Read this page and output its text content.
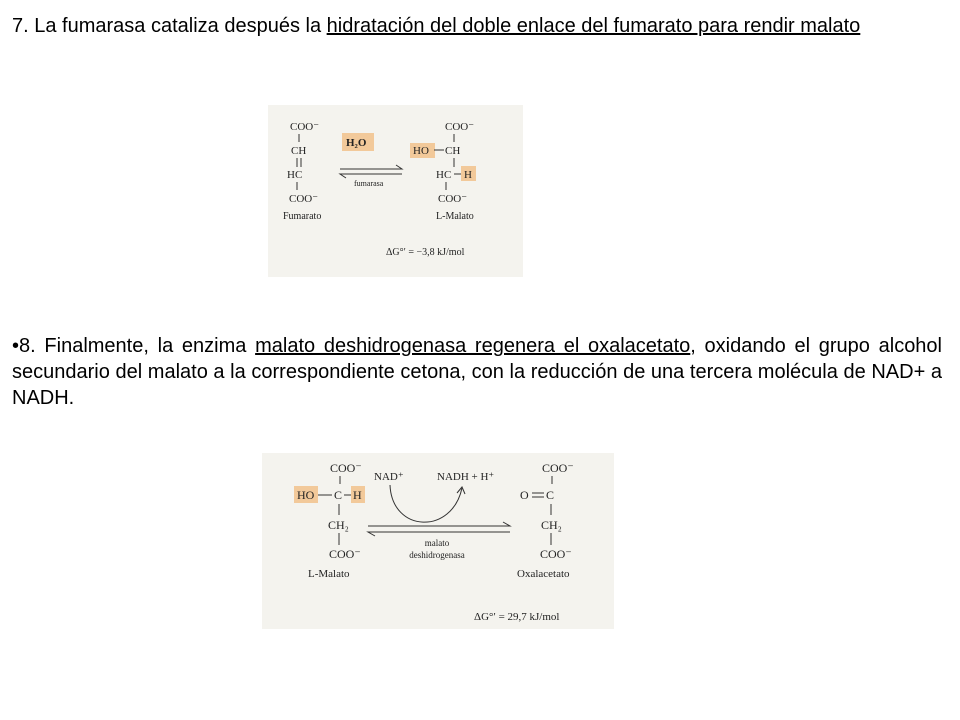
7. La fumarasa cataliza después la hidratación del doble enlace del fumarato para rendir malato
COO⁻
CH
HC
COO⁻
Fumarato
H₂O
fumarasa
COO⁻
HO CH
HC H
COO⁻
L-Malato
ΔG°′ = −3,8 kJ/mol
•8. Finalmente, la enzima malato deshidrogenasa regenera el oxalacetato, oxidando el grupo alcohol secundario del malato a la correspondiente cetona, con la reducción de una tercera molécula de NAD+ a NADH.
COO⁻
HO C H
CH₂
COO⁻
L-Malato
NAD⁺	NADH + H⁺
malato
deshidrogenasa
COO⁻
O C
CH₂
COO⁻
Oxalacetato
ΔG°′ = 29,7 kJ/mol
